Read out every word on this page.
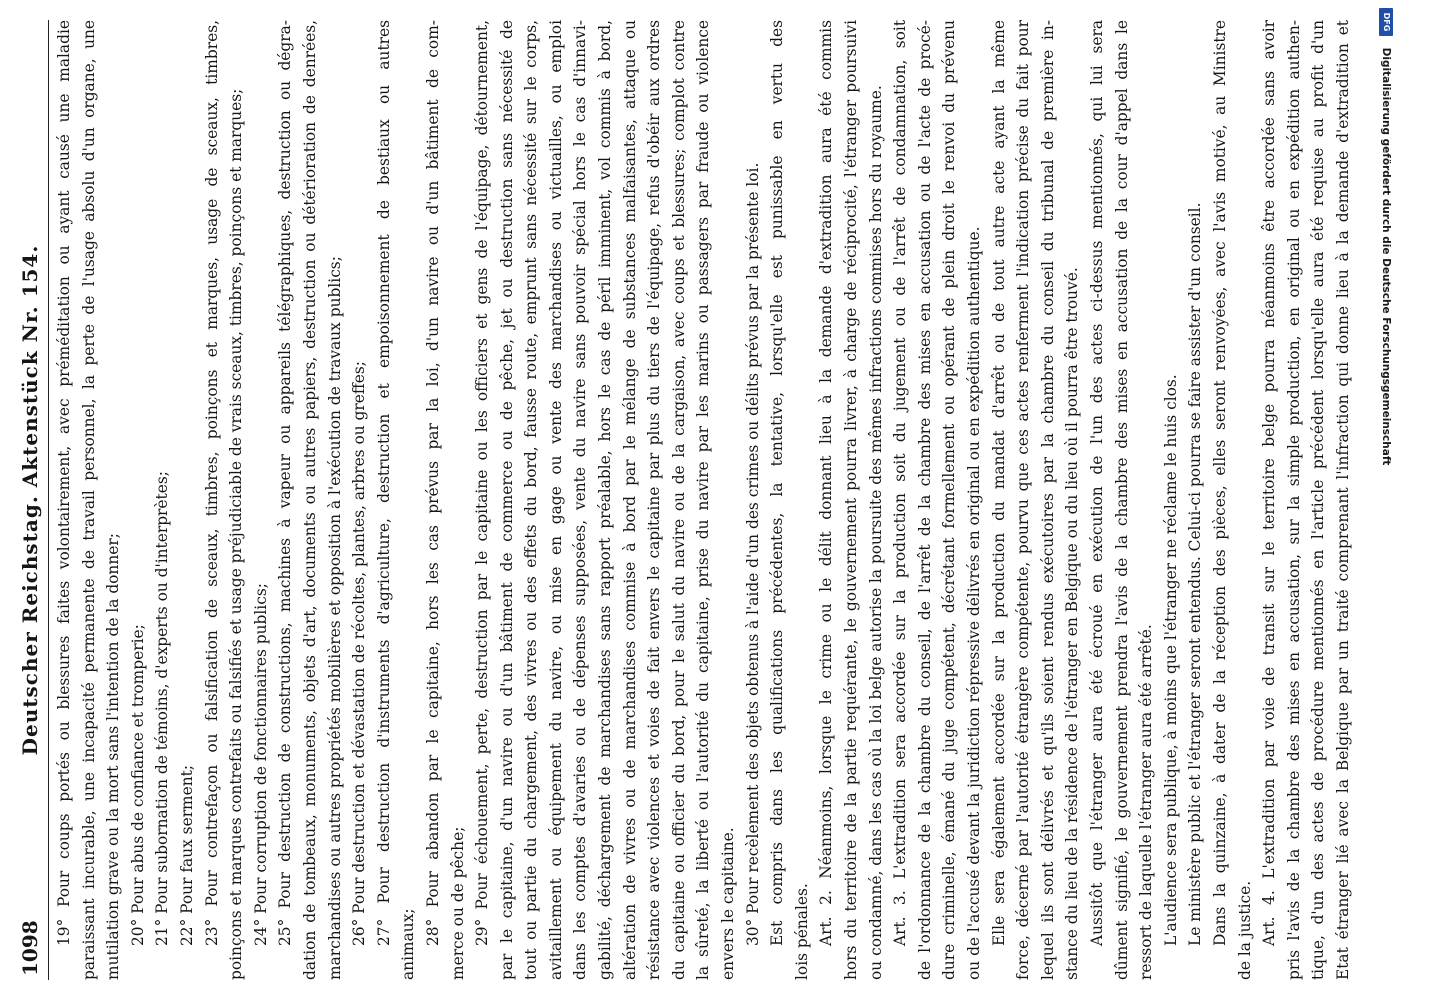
1098
Deutscher Reichstag. Aktenstück Nr. 154. 19° Pour coups portés ou blessures faites volontairement, avec préméditation ou ayant causé une maladie paraissant incurable, une incapacité permanente de travail personnel, la perte de l'usage absolu d'un organe, une mutilation grave ou la mort sans l'intention de la donner; 20° Pour abus de confiance et tromperie; 21° Pour subornation de témoins, d'experts ou d'interprètes; 22° Pour faux serment; 23° Pour contrefaçon ou falsification de sceaux, timbres, poinçons et marques, usage de sceaux, timbres, poinçons et marques contrefaits ou falsifiés et usage préjudiciable de vrais sceaux, timbres, poinçons et marques; 24° Pour corruption de fonctionnaires publics; 25° Pour destruction de constructions, machines à vapeur ou appareils télégraphiques, destruction ou dégra- dation de tombeaux, monuments, objets d'art, documents ou autres papiers, destruction ou détérioration de denrées, marchandises ou autres propriétés mobilières et opposition à l'exécution de travaux publics; 26° Pour destruction et dévastation de récoltes, plantes, arbres ou greffes; 27° Pour destruction d'instruments d'agriculture, destruction et empoisonnement de bestiaux ou autres animaux; 28° Pour abandon par le capitaine, hors les cas prévus par la loi, d'un navire ou d'un bâtiment de com- merce ou de pêche; 29° Pour échouement, perte, destruction par le capitaine ou les officiers et gens de l'équipage, détournement, par le capitaine, d'un navire ou d'un bâtiment de commerce ou de pêche, jet ou destruction sans nécessité de tout ou partie du chargement, des vivres ou des effets du bord, fausse route, emprunt sans nécessité sur le corps, avitaillement ou équipement du navire, ou mise en gage ou vente des marchandises ou victuailles, ou emploi dans les comptes d'avaries ou de dépenses supposées, vente du navire sans pouvoir spécial hors le cas d'innavi- gabilité, déchargement de marchandises sans rapport préalable, hors le cas de péril imminent, vol commis à bord, altération de vivres ou de marchandises commise à bord par le mélange de substances malfaisantes, attaque ou résistance avec violences et voies de fait envers le capitaine par plus du tiers de l'équipage, refus d'obéir aux ordres du capitaine ou officier du bord, pour le salut du navire ou de la cargaison, avec coups et blessures; complot contre la sûreté, la liberté ou l'autorité du capitaine, prise du navire par les marins ou passagers par fraude ou violence envers le capitaine. 30° Pour recèlement des objets obtenus à l'aide d'un des crimes ou délits prévus par la présente loi. Est compris dans les qualifications précédentes, la tentative, lorsqu'elle est punissable en vertu des lois pénales. Art. 2. Néanmoins, lorsque le crime ou le délit donnant lieu à la demande d'extradition aura été commis hors du territoire de la partie requérante, le gouvernement pourra livrer, à charge de réciprocité, l'étranger poursuivi ou condamné, dans les cas où la loi belge autorise la poursuite des mêmes infractions commises hors du royaume. Art. 3. L'extradition sera accordée sur la production soit du jugement ou de l'arrêt de condamnation, soit de l'ordonnance de la chambre du conseil, de l'arrêt de la chambre des mises en accusation ou de l'acte de procé- dure criminelle, émané du juge compétent, décrétant formellement ou opérant de plein droit le renvoi du prévenu ou de l'accusé devant la juridiction répressive délivrés en original ou en expédition authentique. Elle sera également accordée sur la production du mandat d'arrêt ou de tout autre acte ayant la même force, décerné par l'autorité étrangère compétente, pourvu que ces actes renferment l'indication précise du fait pour lequel ils sont délivrés et qu'ils soient rendus exécutoires par la chambre du conseil du tribunal de première in- stance du lieu de la résidence de l'étranger en Belgique ou du lieu où il pourra être trouvé. Aussitôt que l'étranger aura été écroué en exécution de l'un des actes ci-dessus mentionnés, qui lui sera dûment signifié, le gouvernement prendra l'avis de la chambre des mises en accusation de la cour d'appel dans le ressort de laquelle l'étranger aura été arrêté. L'audience sera publique, à moins que l'étranger ne réclame le huis clos. Le ministère public et l'étranger seront entendus. Celui-ci pourra se faire assister d'un conseil. Dans la quinzaine, à dater de la réception des pièces, elles seront renvoyées, avec l'avis motivé, au Ministre de la justice. Art. 4. L'extradition par voie de transit sur le territoire belge pourra néanmoins être accordée sans avoir pris l'avis de la chambre des mises en accusation, sur la simple production, en original ou en expédition authen- tique, d'un des actes de procédure mentionnés en l'article précédent lorsqu'elle aura été requise au profit d'un Etat étranger lié avec la Belgique par un traité comprenant l'infraction qui donne lieu à la demande d'extradition et	DFG Digitalisierung gefördert durch die Deutsche Forschungsgemeinschaft
